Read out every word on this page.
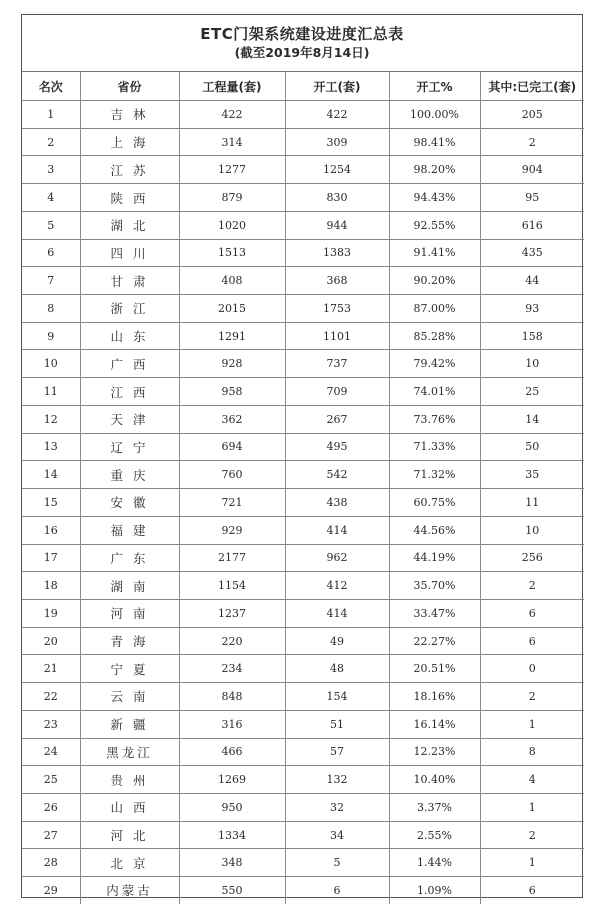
ETC门架系统建设进度汇总表
(截至2019年8月14日)
名次	省份	工程量(套)	开工(套)	开工%	其中:已完工(套)
1	吉 林	422	422	100.00%	205
2	上 海	314	309	98.41%	2
3	江 苏	1277	1254	98.20%	904
4	陕 西	879	830	94.43%	95
5	湖 北	1020	944	92.55%	616
6	四 川	1513	1383	91.41%	435
7	甘 肃	408	368	90.20%	44
8	浙 江	2015	1753	87.00%	93
9	山 东	1291	1101	85.28%	158
10	广 西	928	737	79.42%	10
11	江 西	958	709	74.01%	25
12	天 津	362	267	73.76%	14
13	辽 宁	694	495	71.33%	50
14	重 庆	760	542	71.32%	35
15	安 徽	721	438	60.75%	11
16	福 建	929	414	44.56%	10
17	广 东	2177	962	44.19%	256
18	湖 南	1154	412	35.70%	2
19	河 南	1237	414	33.47%	6
20	青 海	220	49	22.27%	6
21	宁 夏	234	48	20.51%	0
22	云 南	848	154	18.16%	2
23	新 疆	316	51	16.14%	1
24	黑龙江	466	57	12.23%	8
25	贵 州	1269	132	10.40%	4
26	山 西	950	32	3.37%	1
27	河 北	1334	34	2.55%	2
28	北 京	348	5	1.44%	1
29	内蒙古	550	6	1.09%	6
